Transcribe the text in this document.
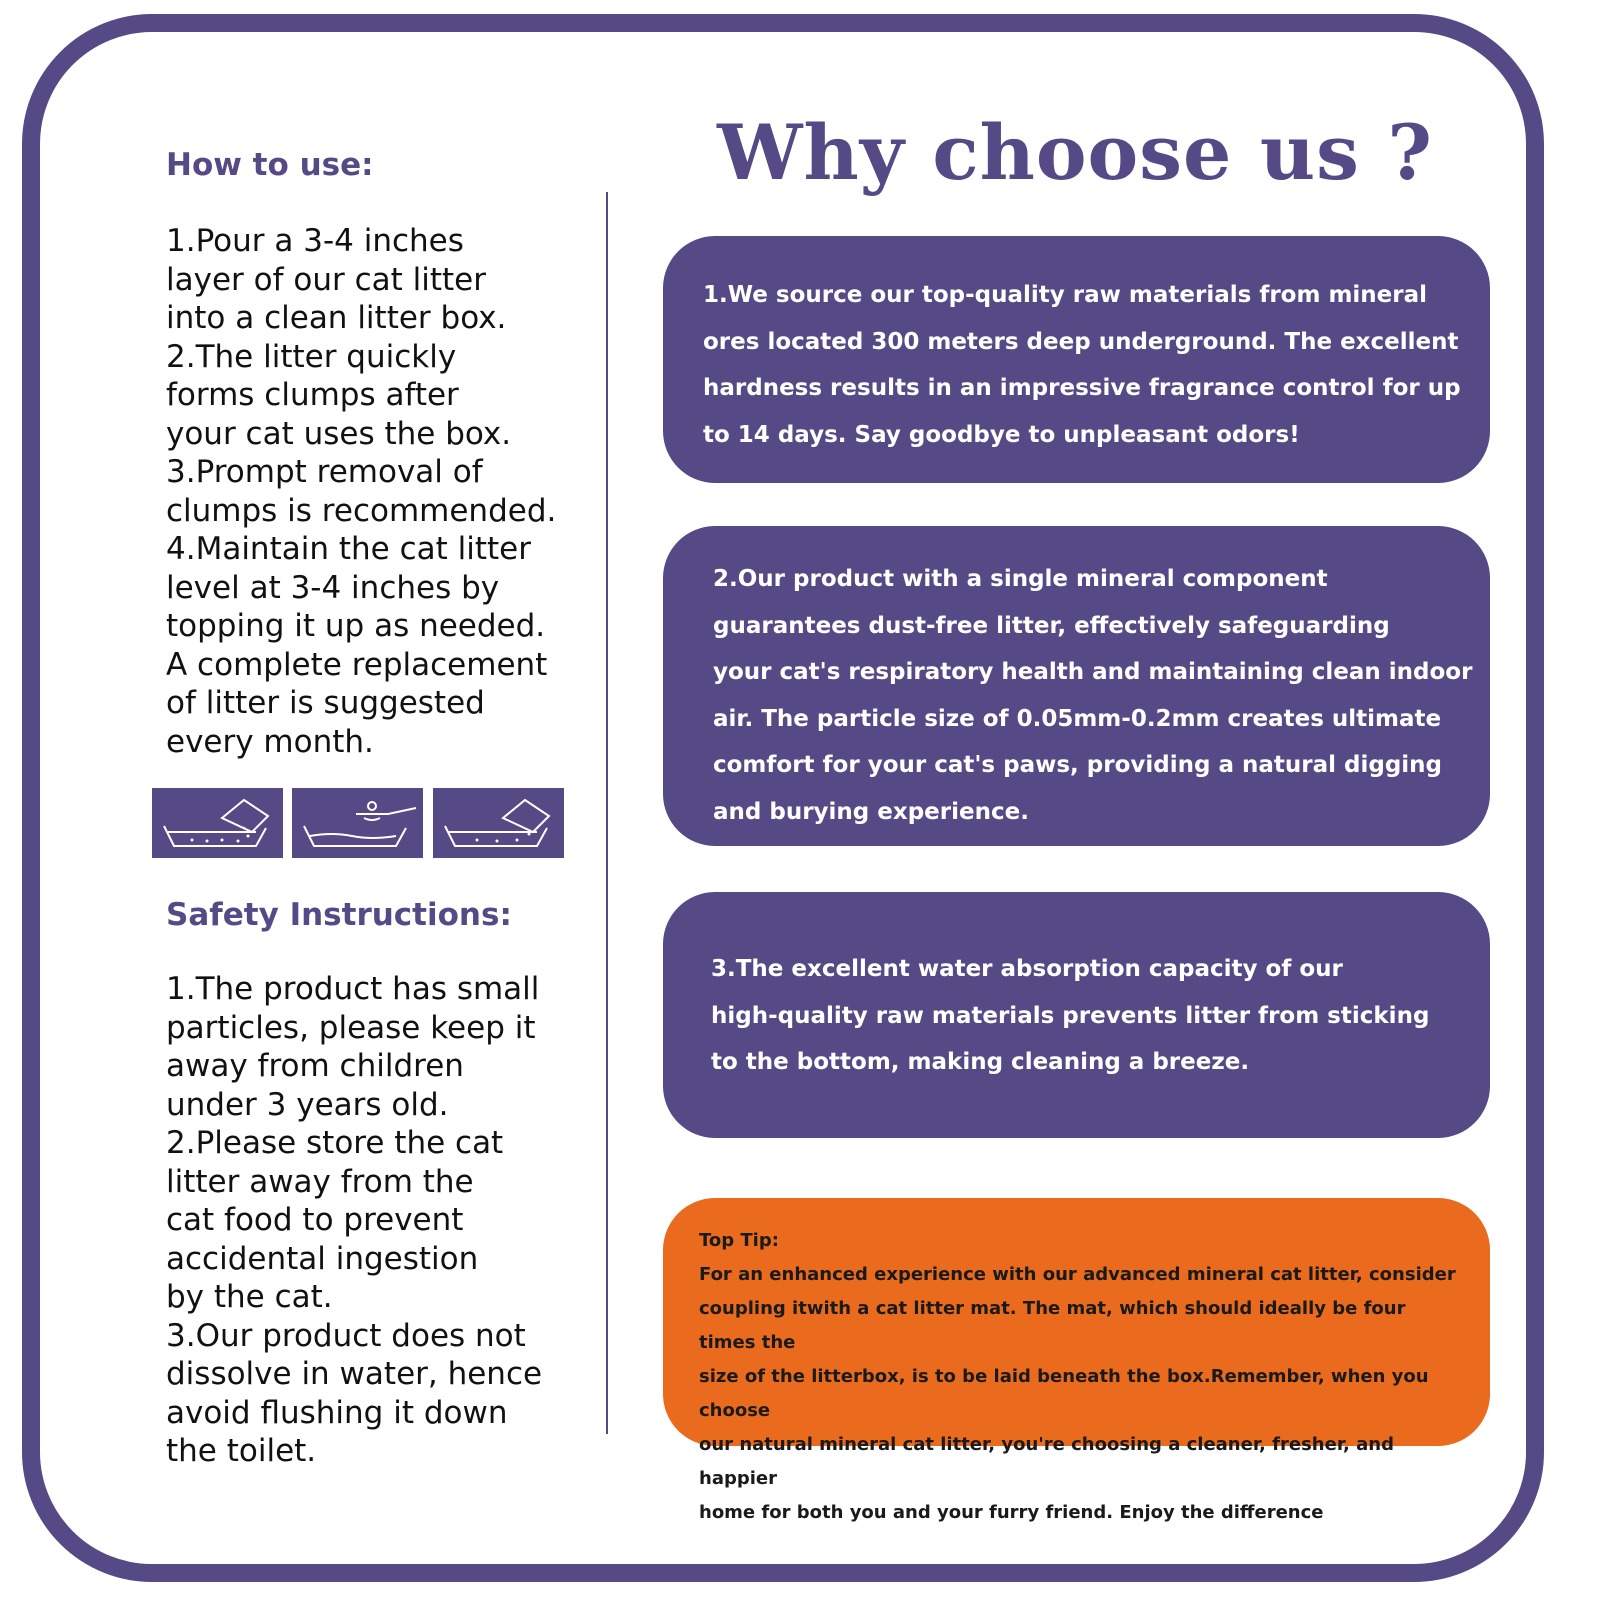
How to use:
1.Pour a 3-4 inches
layer of our cat litter
into a clean litter box.
2.The litter quickly
forms clumps after
your cat uses the box.
3.Prompt removal of
clumps is recommended.
4.Maintain the cat litter
level at 3-4 inches by
topping it up as needed.
A complete replacement
of litter is suggested
every month.
Safety Instructions:
1.The product has small
particles, please keep it
away from children
under 3 years old.
2.Please store the cat
litter away from the
cat food to prevent
accidental ingestion
by the cat.
3.Our product does not
dissolve in water, hence
avoid flushing it down
the toilet.
Why choose us ?

1.We source our top-quality raw materials from mineral

ores located 300 meters deep underground. The excellent

hardness results in an impressive fragrance control for up

to 14 days. Say goodbye to unpleasant odors!

2.Our product with a single mineral component

guarantees dust-free litter, effectively safeguarding

your cat's respiratory health and maintaining clean indoor

air. The particle size of 0.05mm-0.2mm creates ultimate

comfort for your cat's paws, providing a natural digging

and burying experience.

3.The excellent water absorption capacity of our

high-quality raw materials prevents litter from sticking

to the bottom, making cleaning a breeze.

Top Tip:

For an enhanced experience with our advanced mineral cat litter, consider

coupling itwith a cat litter mat. The mat, which should ideally be four times the

size of the litterbox, is to be laid beneath the box.Remember, when you choose

our natural mineral cat litter, you're choosing a cleaner, fresher, and happier

home for both you and your furry friend. Enjoy the difference
